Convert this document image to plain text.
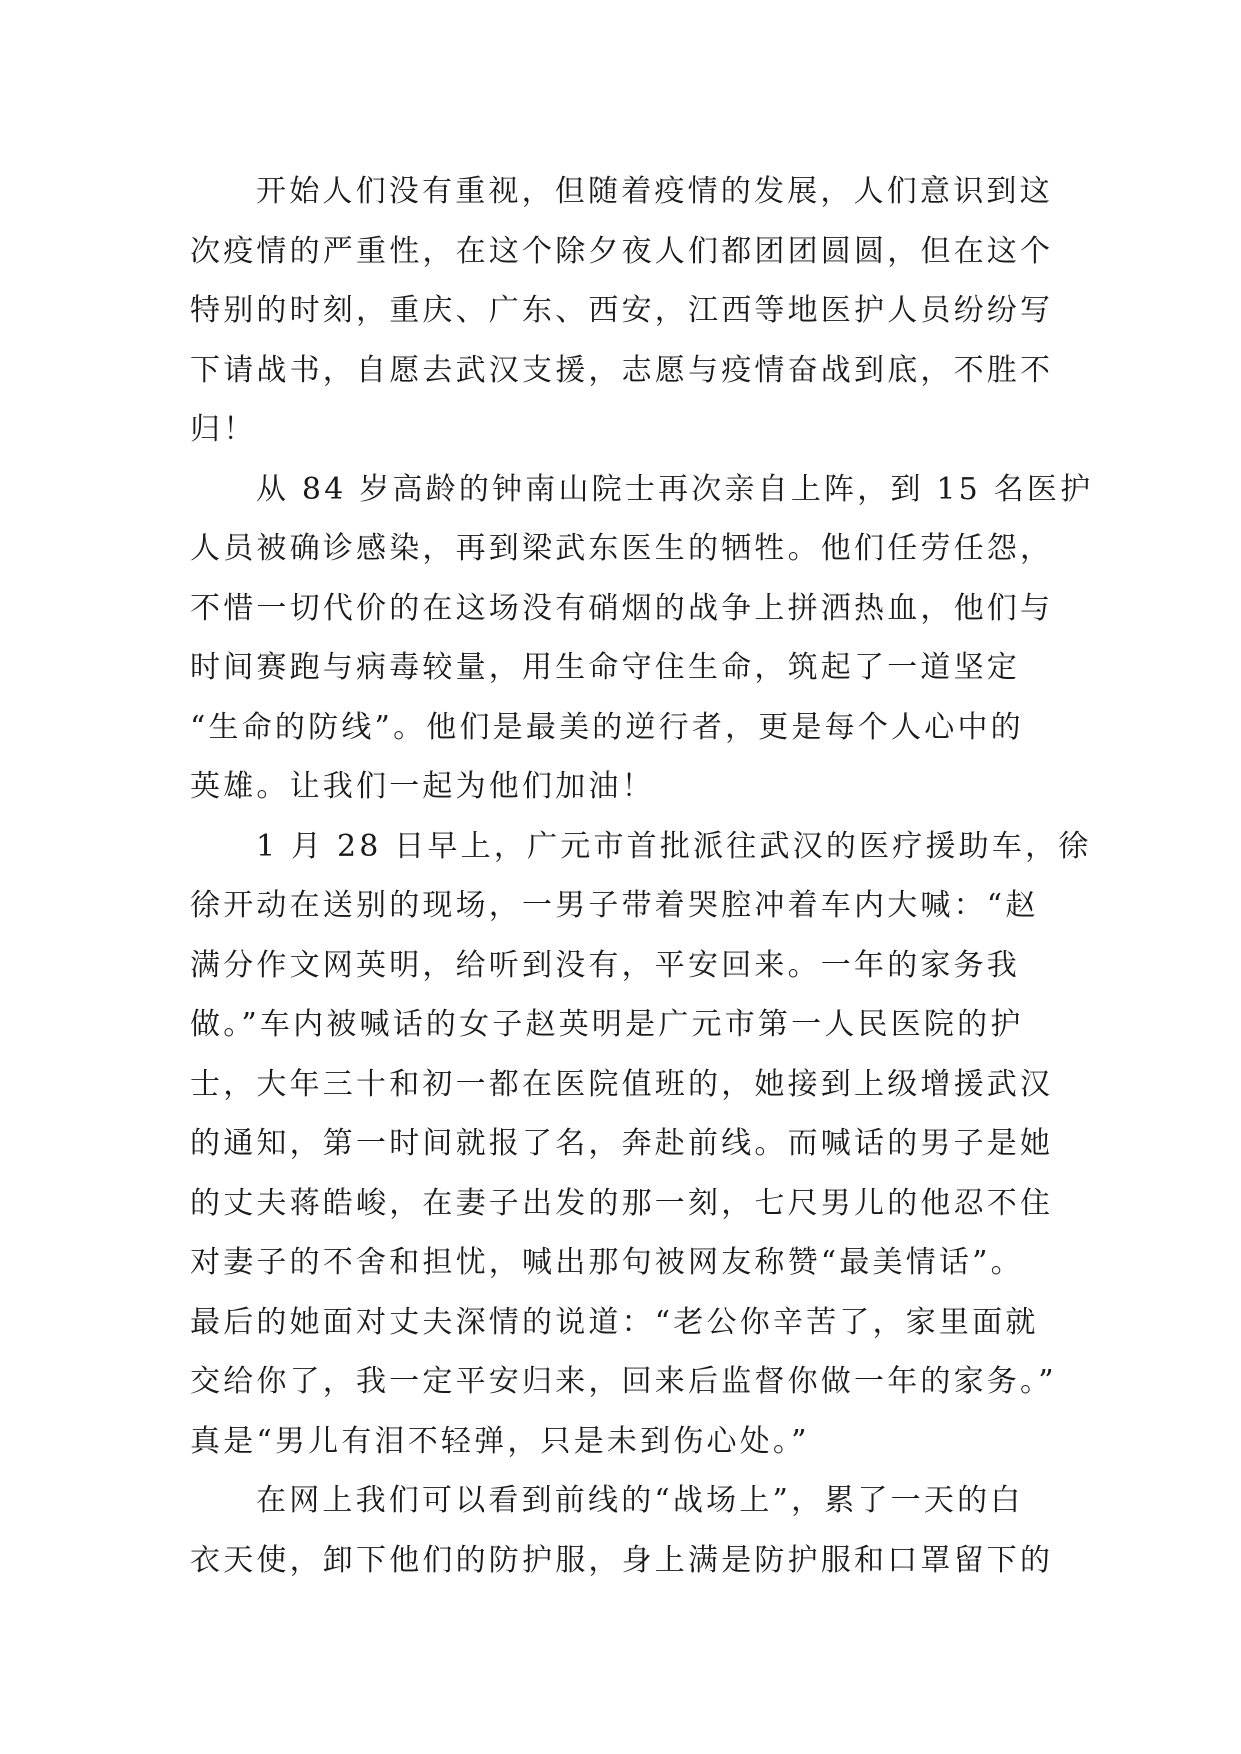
开始人们没有重视，但随着疫情的发展，人们意识到这
次疫情的严重性，在这个除夕夜人们都团团圆圆，但在这个
特别的时刻，重庆、广东、西安，江西等地医护人员纷纷写
下请战书，自愿去武汉支援，志愿与疫情奋战到底，不胜不
归！

从 84 岁高龄的钟南山院士再次亲自上阵，到 15 名医护
人员被确诊感染，再到梁武东医生的牺牲。他们任劳任怨，
不惜一切代价的在这场没有硝烟的战争上拼洒热血，他们与
时间赛跑与病毒较量，用生命守住生命，筑起了一道坚定
“生命的防线”。他们是最美的逆行者，更是每个人心中的
英雄。让我们一起为他们加油！

1 月 28 日早上，广元市首批派往武汉的医疗援助车，徐
徐开动在送别的现场，一男子带着哭腔冲着车内大喊：“赵
满分作文网英明，给听到没有，平安回来。一年的家务我
做。”车内被喊话的女子赵英明是广元市第一人民医院的护
士，大年三十和初一都在医院值班的，她接到上级增援武汉
的通知，第一时间就报了名，奔赴前线。而喊话的男子是她
的丈夫蒋皓峻，在妻子出发的那一刻，七尺男儿的他忍不住
对妻子的不舍和担忧，喊出那句被网友称赞“最美情话”。
最后的她面对丈夫深情的说道：“老公你辛苦了，家里面就
交给你了，我一定平安归来，回来后监督你做一年的家务。”
真是“男儿有泪不轻弹，只是未到伤心处。”

在网上我们可以看到前线的“战场上”，累了一天的白
衣天使，卸下他们的防护服，身上满是防护服和口罩留下的
